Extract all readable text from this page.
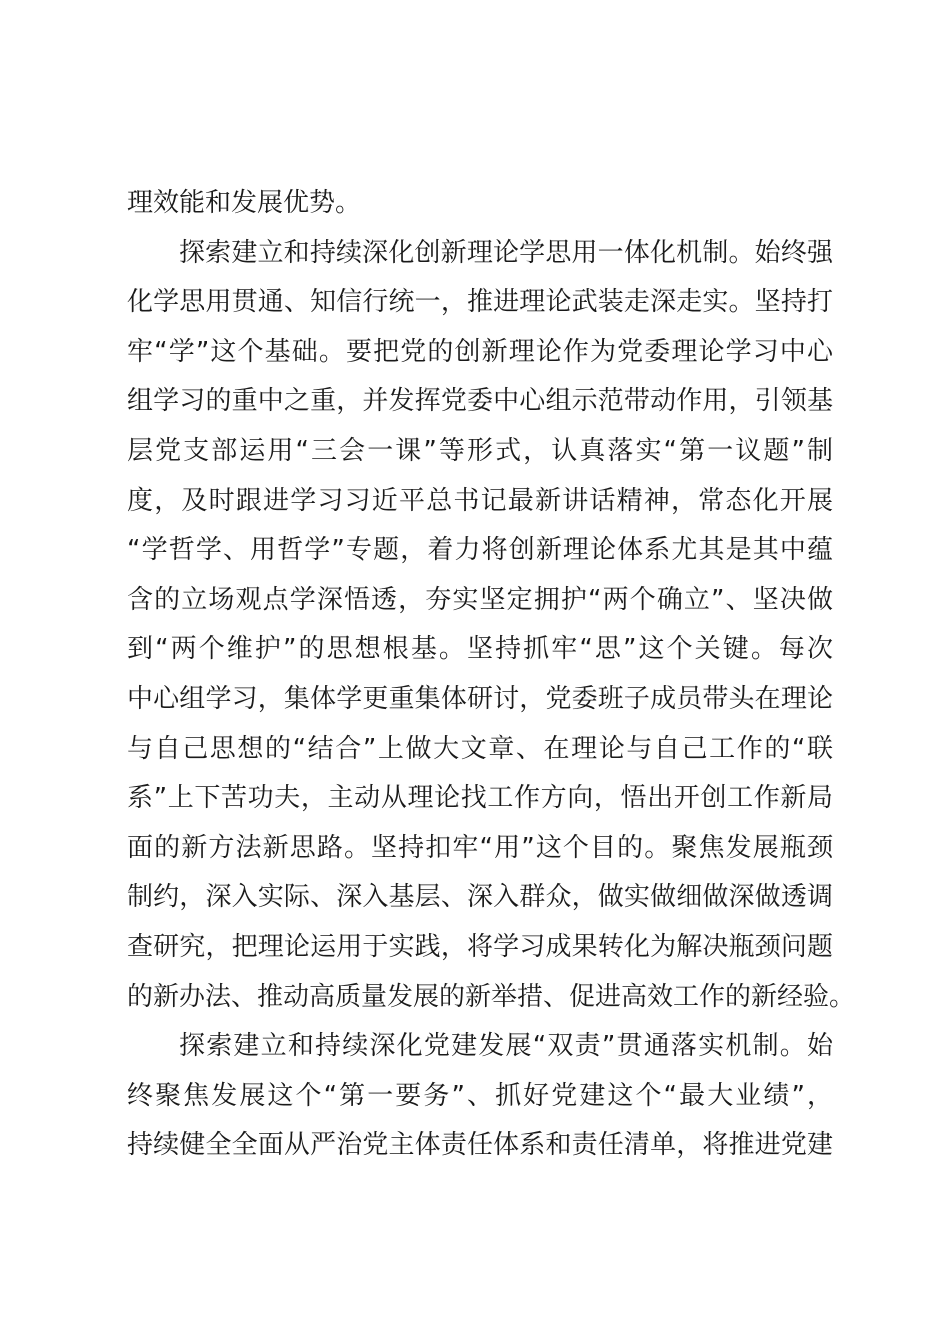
理效能和发展优势。
探索建立和持续深化创新理论学思用一体化机制。始终强
化学思用贯通、知信行统一，推进理论武装走深走实。坚持打
牢“学”这个基础。要把党的创新理论作为党委理论学习中心
组学习的重中之重，并发挥党委中心组示范带动作用，引领基
层党支部运用“三会一课”等形式，认真落实“第一议题”制
度，及时跟进学习习近平总书记最新讲话精神，常态化开展
“学哲学、用哲学”专题，着力将创新理论体系尤其是其中蕴
含的立场观点学深悟透，夯实坚定拥护“两个确立”、坚决做
到“两个维护”的思想根基。坚持抓牢“思”这个关键。每次
中心组学习，集体学更重集体研讨，党委班子成员带头在理论
与自己思想的“结合”上做大文章、在理论与自己工作的“联
系”上下苦功夫，主动从理论找工作方向，悟出开创工作新局
面的新方法新思路。坚持扣牢“用”这个目的。聚焦发展瓶颈
制约，深入实际、深入基层、深入群众，做实做细做深做透调
查研究，把理论运用于实践，将学习成果转化为解决瓶颈问题
的新办法、推动高质量发展的新举措、促进高效工作的新经验。
探索建立和持续深化党建发展“双责”贯通落实机制。始
终聚焦发展这个“第一要务”、抓好党建这个“最大业绩”，
持续健全全面从严治党主体责任体系和责任清单，将推进党建
